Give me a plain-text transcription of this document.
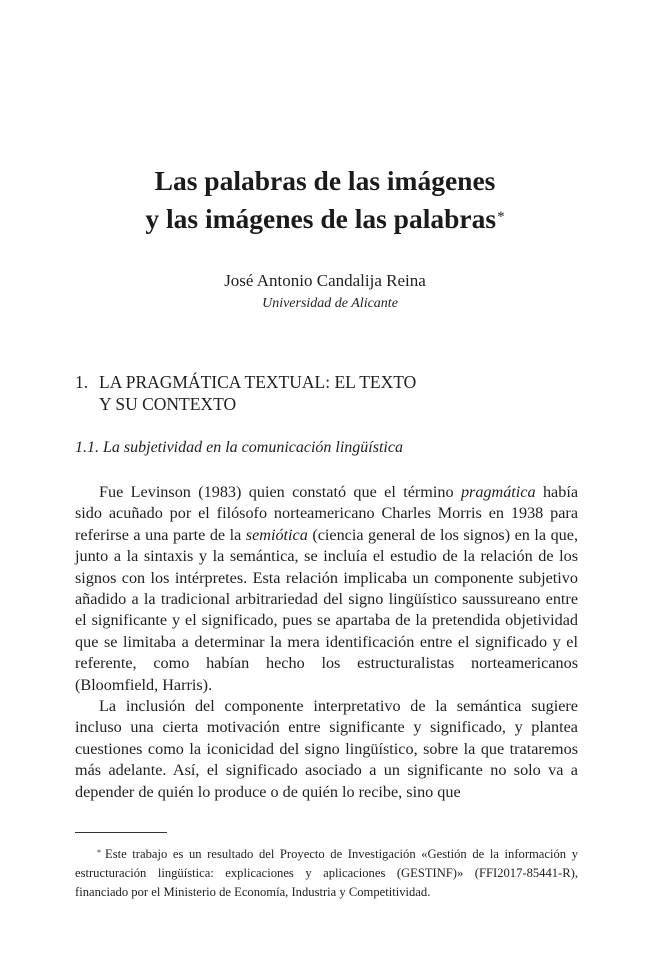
Las palabras de las imágenes
y las imágenes de las palabras*
José Antonio Candalija Reina
Universidad de Alicante
1. LA PRAGMÁTICA TEXTUAL: EL TEXTO
Y SU CONTEXTO
1.1. La subjetividad en la comunicación lingüística

Fue Levinson (1983) quien constató que el término pragmática había sido acuñado por el filósofo norteamericano Charles Morris en 1938 para referirse a una parte de la semiótica (ciencia general de los signos) en la que, junto a la sintaxis y la semántica, se incluía el estudio de la relación de los signos con los intérpretes. Esta relación implicaba un componente subjetivo añadido a la tradicional arbitrariedad del signo lingüístico saussureano entre el significante y el significado, pues se apartaba de la pretendida objetividad que se limitaba a determinar la mera identificación entre el significado y el referente, como habían hecho los estructuralistas norteamericanos (Bloomfield, Harris).

La inclusión del componente interpretativo de la semántica sugiere incluso una cierta motivación entre significante y significado, y plantea cuestiones como la iconicidad del signo lingüístico, sobre la que trataremos más adelante. Así, el significado asociado a un significante no solo va a depender de quién lo produce o de quién lo recibe, sino que

* Este trabajo es un resultado del Proyecto de Investigación «Gestión de la información y estructuración lingüística: explicaciones y aplicaciones (GESTINF)» (FFI2017-85441-R), financiado por el Ministerio de Economía, Industria y Competitividad.
